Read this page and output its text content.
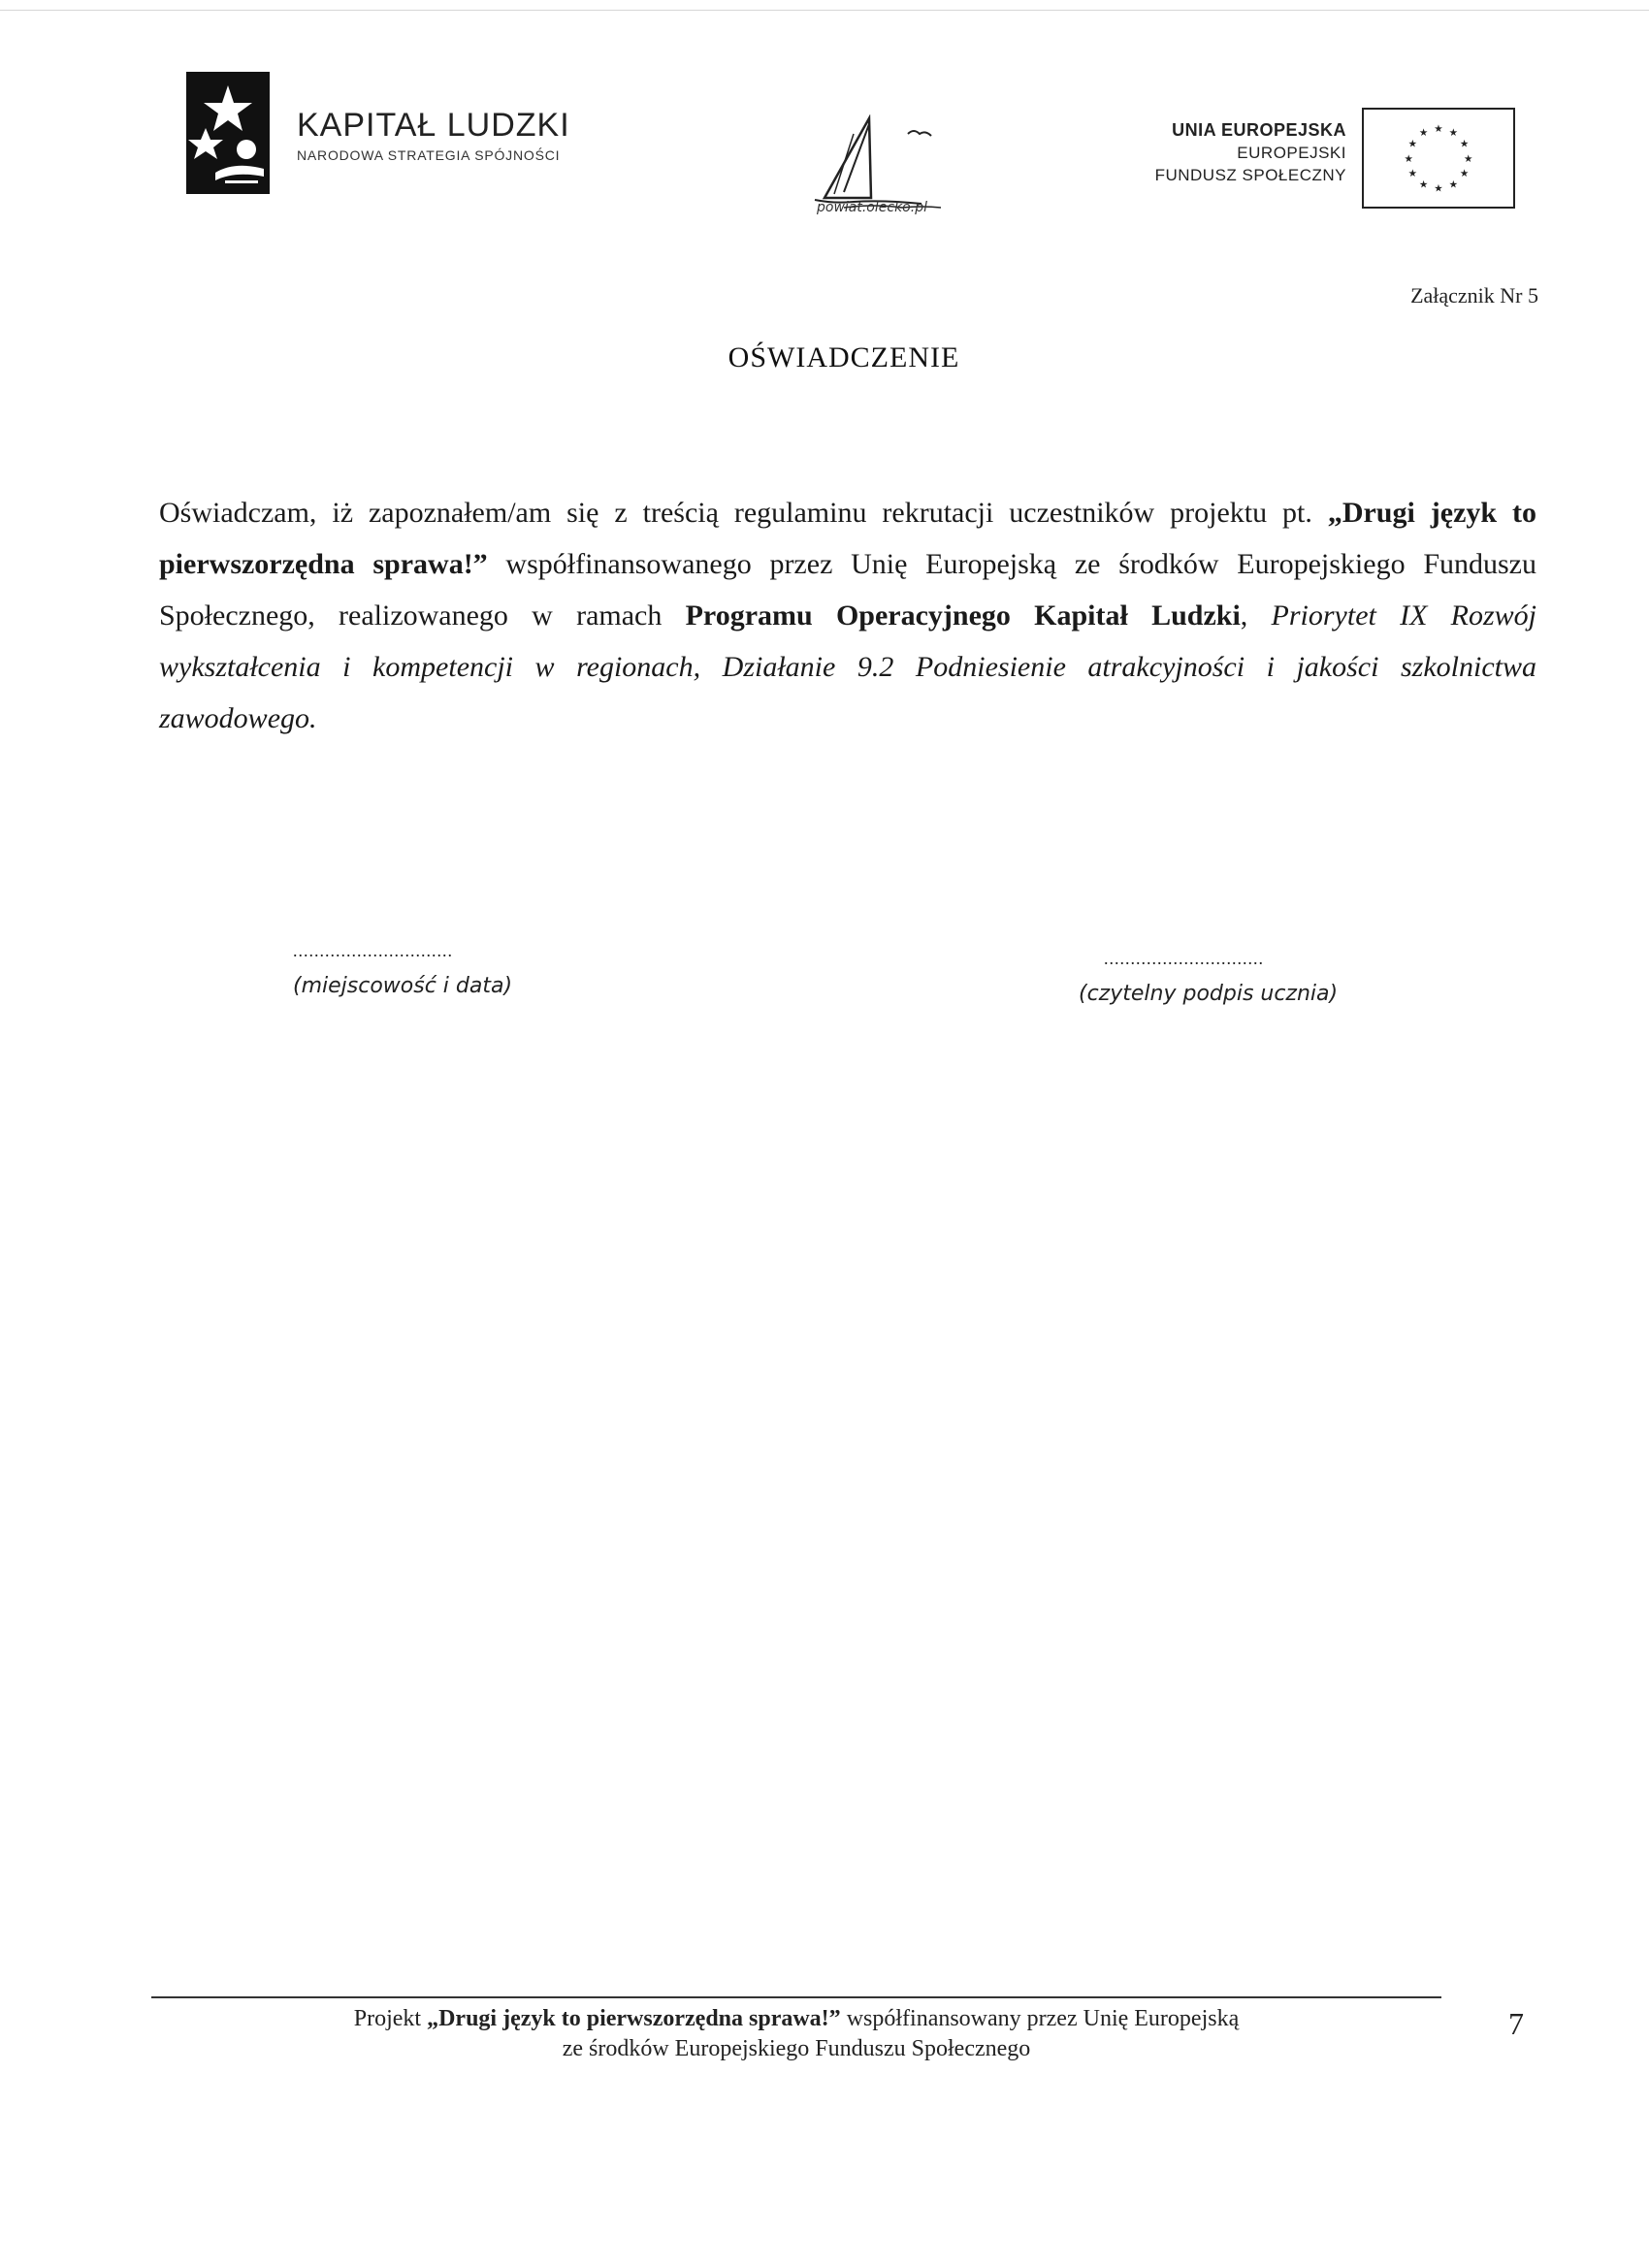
KAPITAŁ LUDZKI
NARODOWA STRATEGIA SPÓJNOŚCI
powiat.olecko.pl
UNIA EUROPEJSKA
EUROPEJSKI
FUNDUSZ SPOŁECZNY
★ ★
★
★
★
★
★
★
★
★
★
★
Załącznik Nr 5
OŚWIADCZENIE
Oświadczam, iż zapoznałem/am się z treścią regulaminu rekrutacji uczestników projektu pt. „Drugi język to pierwszorzędna sprawa!” współfinansowanego przez Unię Europejską ze środków Europejskiego Funduszu Społecznego, realizowanego w ramach Programu Operacyjnego Kapitał Ludzki, Priorytet IX Rozwój wykształcenia i kompetencji w regionach, Działanie 9.2 Podniesienie atrakcyjności i jakości szkolnictwa zawodowego.
..............................
(miejscowość i data)
..............................
(czytelny podpis ucznia)
Projekt „Drugi język to pierwszorzędna sprawa!” współfinansowany przez Unię Europejską
ze środków Europejskiego Funduszu Społecznego
7
